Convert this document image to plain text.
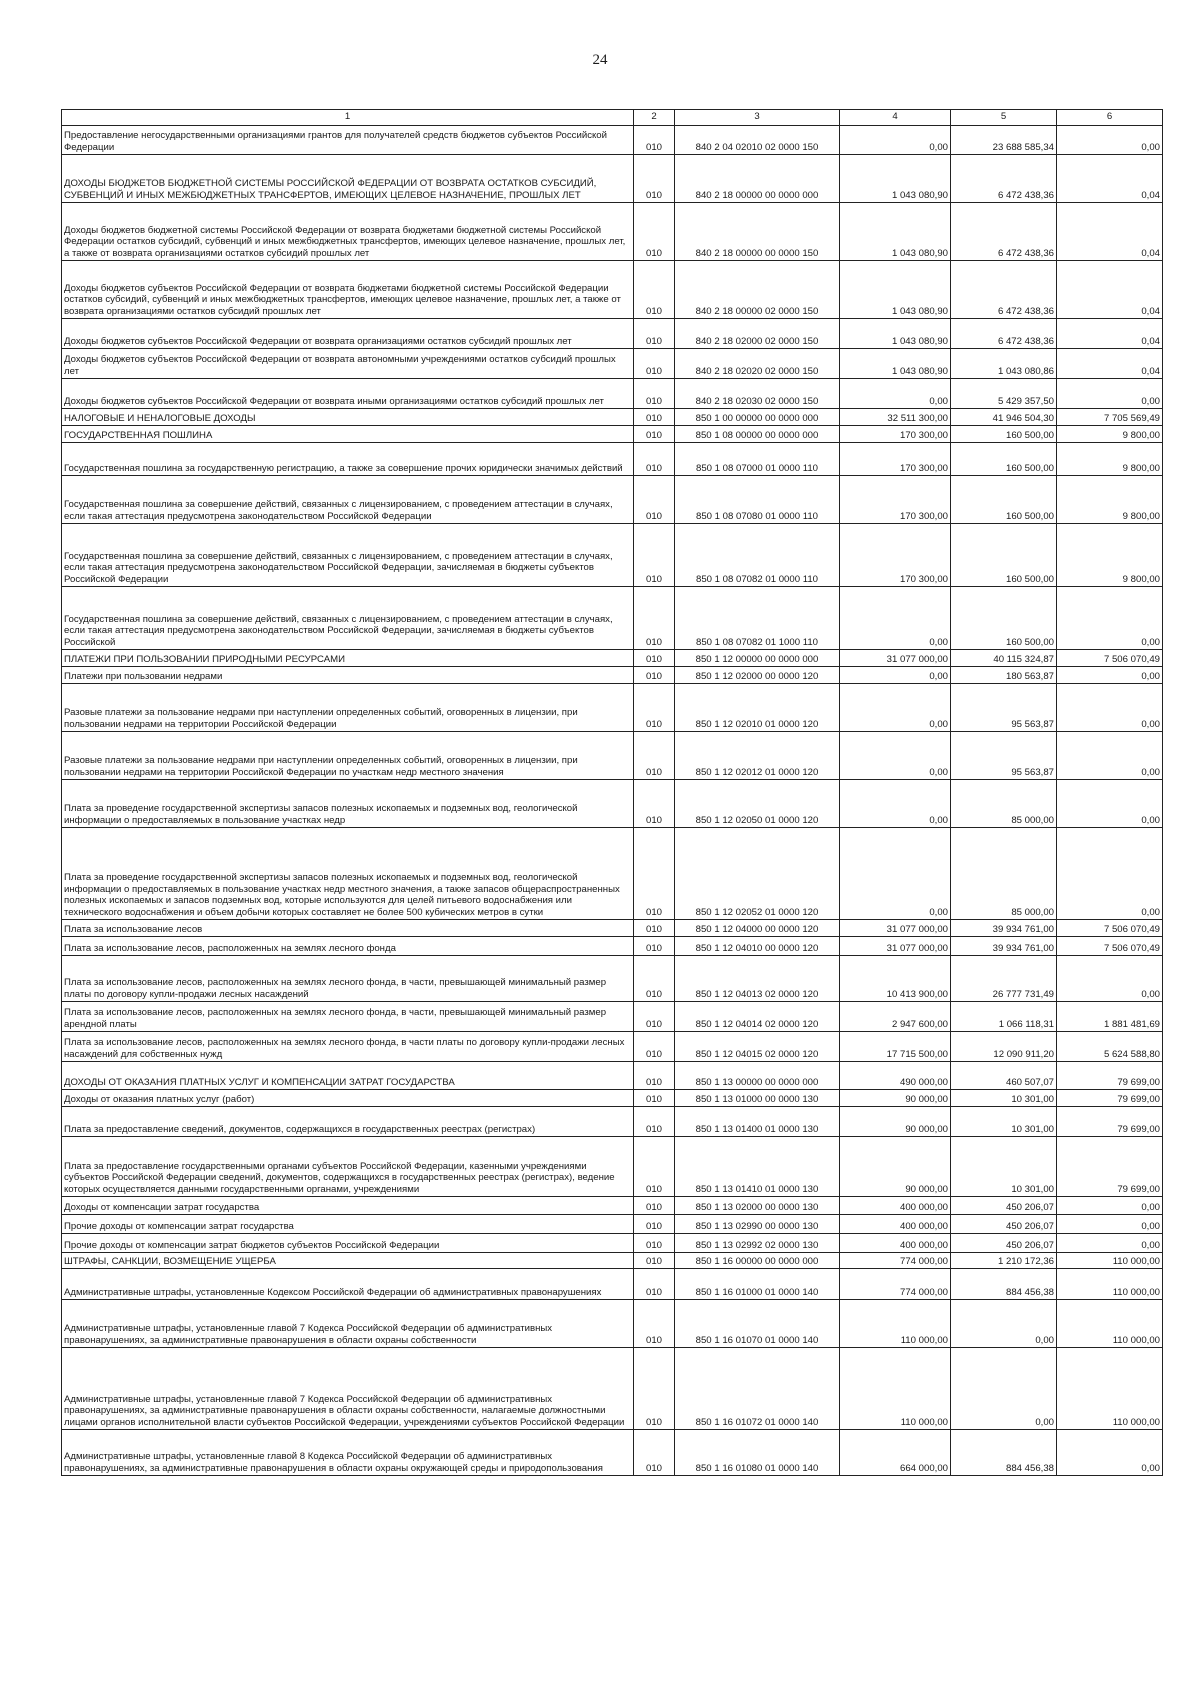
24
1	2	3	4	5	6
Предоставление негосударственными организациями грантов для получателей средств бюджетов субъектов Российской Федерации	010	840 2 04 02010 02 0000 150	0,00	23 688 585,34	0,00
ДОХОДЫ БЮДЖЕТОВ БЮДЖЕТНОЙ СИСТЕМЫ РОССИЙСКОЙ ФЕДЕРАЦИИ ОТ ВОЗВРАТА ОСТАТКОВ СУБСИДИЙ, СУБВЕНЦИЙ И ИНЫХ МЕЖБЮДЖЕТНЫХ ТРАНСФЕРТОВ, ИМЕЮЩИХ ЦЕЛЕВОЕ НАЗНАЧЕНИЕ, ПРОШЛЫХ ЛЕТ	010	840 2 18 00000 00 0000 000	1 043 080,90	6 472 438,36	0,04
Доходы бюджетов бюджетной системы Российской Федерации от возврата бюджетами бюджетной системы Российской Федерации остатков субсидий, субвенций и иных межбюджетных трансфертов, имеющих целевое назначение, прошлых лет, а также от возврата организациями остатков субсидий прошлых лет	010	840 2 18 00000 00 0000 150	1 043 080,90	6 472 438,36	0,04
Доходы бюджетов субъектов Российской Федерации от возврата бюджетами бюджетной системы Российской Федерации остатков субсидий, субвенций и иных межбюджетных трансфертов, имеющих целевое назначение, прошлых лет, а также от возврата организациями остатков субсидий прошлых лет	010	840 2 18 00000 02 0000 150	1 043 080,90	6 472 438,36	0,04
Доходы бюджетов субъектов Российской Федерации от возврата организациями остатков субсидий прошлых лет	010	840 2 18 02000 02 0000 150	1 043 080,90	6 472 438,36	0,04
Доходы бюджетов субъектов Российской Федерации от возврата автономными учреждениями остатков субсидий прошлых лет	010	840 2 18 02020 02 0000 150	1 043 080,90	1 043 080,86	0,04
Доходы бюджетов субъектов Российской Федерации от возврата иными организациями остатков субсидий прошлых лет	010	840 2 18 02030 02 0000 150	0,00	5 429 357,50	0,00
НАЛОГОВЫЕ И НЕНАЛОГОВЫЕ ДОХОДЫ	010	850 1 00 00000 00 0000 000	32 511 300,00	41 946 504,30	7 705 569,49
ГОСУДАРСТВЕННАЯ ПОШЛИНА	010	850 1 08 00000 00 0000 000	170 300,00	160 500,00	9 800,00
Государственная пошлина за государственную регистрацию, а также за совершение прочих юридически значимых действий	010	850 1 08 07000 01 0000 110	170 300,00	160 500,00	9 800,00
Государственная пошлина за совершение действий, связанных с лицензированием, с проведением аттестации в случаях, если такая аттестация предусмотрена законодательством Российской Федерации	010	850 1 08 07080 01 0000 110	170 300,00	160 500,00	9 800,00
Государственная пошлина за совершение действий, связанных с лицензированием, с проведением аттестации в случаях, если такая аттестация предусмотрена законодательством Российской Федерации, зачисляемая в бюджеты субъектов Российской Федерации	010	850 1 08 07082 01 0000 110	170 300,00	160 500,00	9 800,00
Государственная пошлина за совершение действий, связанных с лицензированием, с проведением аттестации в случаях, если такая аттестация предусмотрена законодательством Российской Федерации, зачисляемая в бюджеты субъектов Российской	010	850 1 08 07082 01 1000 110	0,00	160 500,00	0,00
ПЛАТЕЖИ ПРИ ПОЛЬЗОВАНИИ ПРИРОДНЫМИ РЕСУРСАМИ	010	850 1 12 00000 00 0000 000	31 077 000,00	40 115 324,87	7 506 070,49
Платежи при пользовании недрами	010	850 1 12 02000 00 0000 120	0,00	180 563,87	0,00
Разовые платежи за пользование недрами при наступлении определенных событий, оговоренных в лицензии, при пользовании недрами на территории Российской Федерации	010	850 1 12 02010 01 0000 120	0,00	95 563,87	0,00
Разовые платежи за пользование недрами при наступлении определенных событий, оговоренных в лицензии, при пользовании недрами на территории Российской Федерации по участкам недр местного значения	010	850 1 12 02012 01 0000 120	0,00	95 563,87	0,00
Плата за проведение государственной экспертизы запасов полезных ископаемых и подземных вод, геологической информации о предоставляемых в пользование участках недр	010	850 1 12 02050 01 0000 120	0,00	85 000,00	0,00
Плата за проведение государственной экспертизы запасов полезных ископаемых и подземных вод, геологической информации о предоставляемых в пользование участках недр местного значения, а также запасов общераспространенных полезных ископаемых и запасов подземных вод, которые используются для целей питьевого водоснабжения или технического водоснабжения и объем добычи которых составляет не более 500 кубических метров в сутки	010	850 1 12 02052 01 0000 120	0,00	85 000,00	0,00
Плата за использование лесов	010	850 1 12 04000 00 0000 120	31 077 000,00	39 934 761,00	7 506 070,49
Плата за использование лесов, расположенных на землях лесного фонда	010	850 1 12 04010 00 0000 120	31 077 000,00	39 934 761,00	7 506 070,49
Плата за использование лесов, расположенных на землях лесного фонда, в части, превышающей минимальный размер платы по договору купли-продажи лесных насаждений	010	850 1 12 04013 02 0000 120	10 413 900,00	26 777 731,49	0,00
Плата за использование лесов, расположенных на землях лесного фонда, в части, превышающей минимальный размер арендной платы	010	850 1 12 04014 02 0000 120	2 947 600,00	1 066 118,31	1 881 481,69
Плата за использование лесов, расположенных на землях лесного фонда, в части платы по договору купли-продажи лесных насаждений для собственных нужд	010	850 1 12 04015 02 0000 120	17 715 500,00	12 090 911,20	5 624 588,80
ДОХОДЫ ОТ ОКАЗАНИЯ ПЛАТНЫХ УСЛУГ И КОМПЕНСАЦИИ ЗАТРАТ ГОСУДАРСТВА	010	850 1 13 00000 00 0000 000	490 000,00	460 507,07	79 699,00
Доходы от оказания платных услуг (работ)	010	850 1 13 01000 00 0000 130	90 000,00	10 301,00	79 699,00
Плата за предоставление сведений, документов, содержащихся в государственных реестрах (регистрах)	010	850 1 13 01400 01 0000 130	90 000,00	10 301,00	79 699,00
Плата за предоставление государственными органами субъектов Российской Федерации, казенными учреждениями субъектов Российской Федерации сведений, документов, содержащихся в государственных реестрах (регистрах), ведение которых осуществляется данными государственными органами, учреждениями	010	850 1 13 01410 01 0000 130	90 000,00	10 301,00	79 699,00
Доходы от компенсации затрат государства	010	850 1 13 02000 00 0000 130	400 000,00	450 206,07	0,00
Прочие доходы от компенсации затрат государства	010	850 1 13 02990 00 0000 130	400 000,00	450 206,07	0,00
Прочие доходы от компенсации затрат бюджетов субъектов Российской Федерации	010	850 1 13 02992 02 0000 130	400 000,00	450 206,07	0,00
ШТРАФЫ, САНКЦИИ, ВОЗМЕЩЕНИЕ УЩЕРБА	010	850 1 16 00000 00 0000 000	774 000,00	1 210 172,36	110 000,00
Административные штрафы, установленные Кодексом Российской Федерации об административных правонарушениях	010	850 1 16 01000 01 0000 140	774 000,00	884 456,38	110 000,00
Административные штрафы, установленные главой 7 Кодекса Российской Федерации об административных правонарушениях, за административные правонарушения в области охраны собственности	010	850 1 16 01070 01 0000 140	110 000,00	0,00	110 000,00
Административные штрафы, установленные главой 7 Кодекса Российской Федерации об административных правонарушениях, за административные правонарушения в области охраны собственности, налагаемые должностными лицами органов исполнительной власти субъектов Российской Федерации, учреждениями субъектов Российской Федерации	010	850 1 16 01072 01 0000 140	110 000,00	0,00	110 000,00
Административные штрафы, установленные главой 8 Кодекса Российской Федерации об административных правонарушениях, за административные правонарушения в области охраны окружающей среды и природопользования	010	850 1 16 01080 01 0000 140	664 000,00	884 456,38	0,00
